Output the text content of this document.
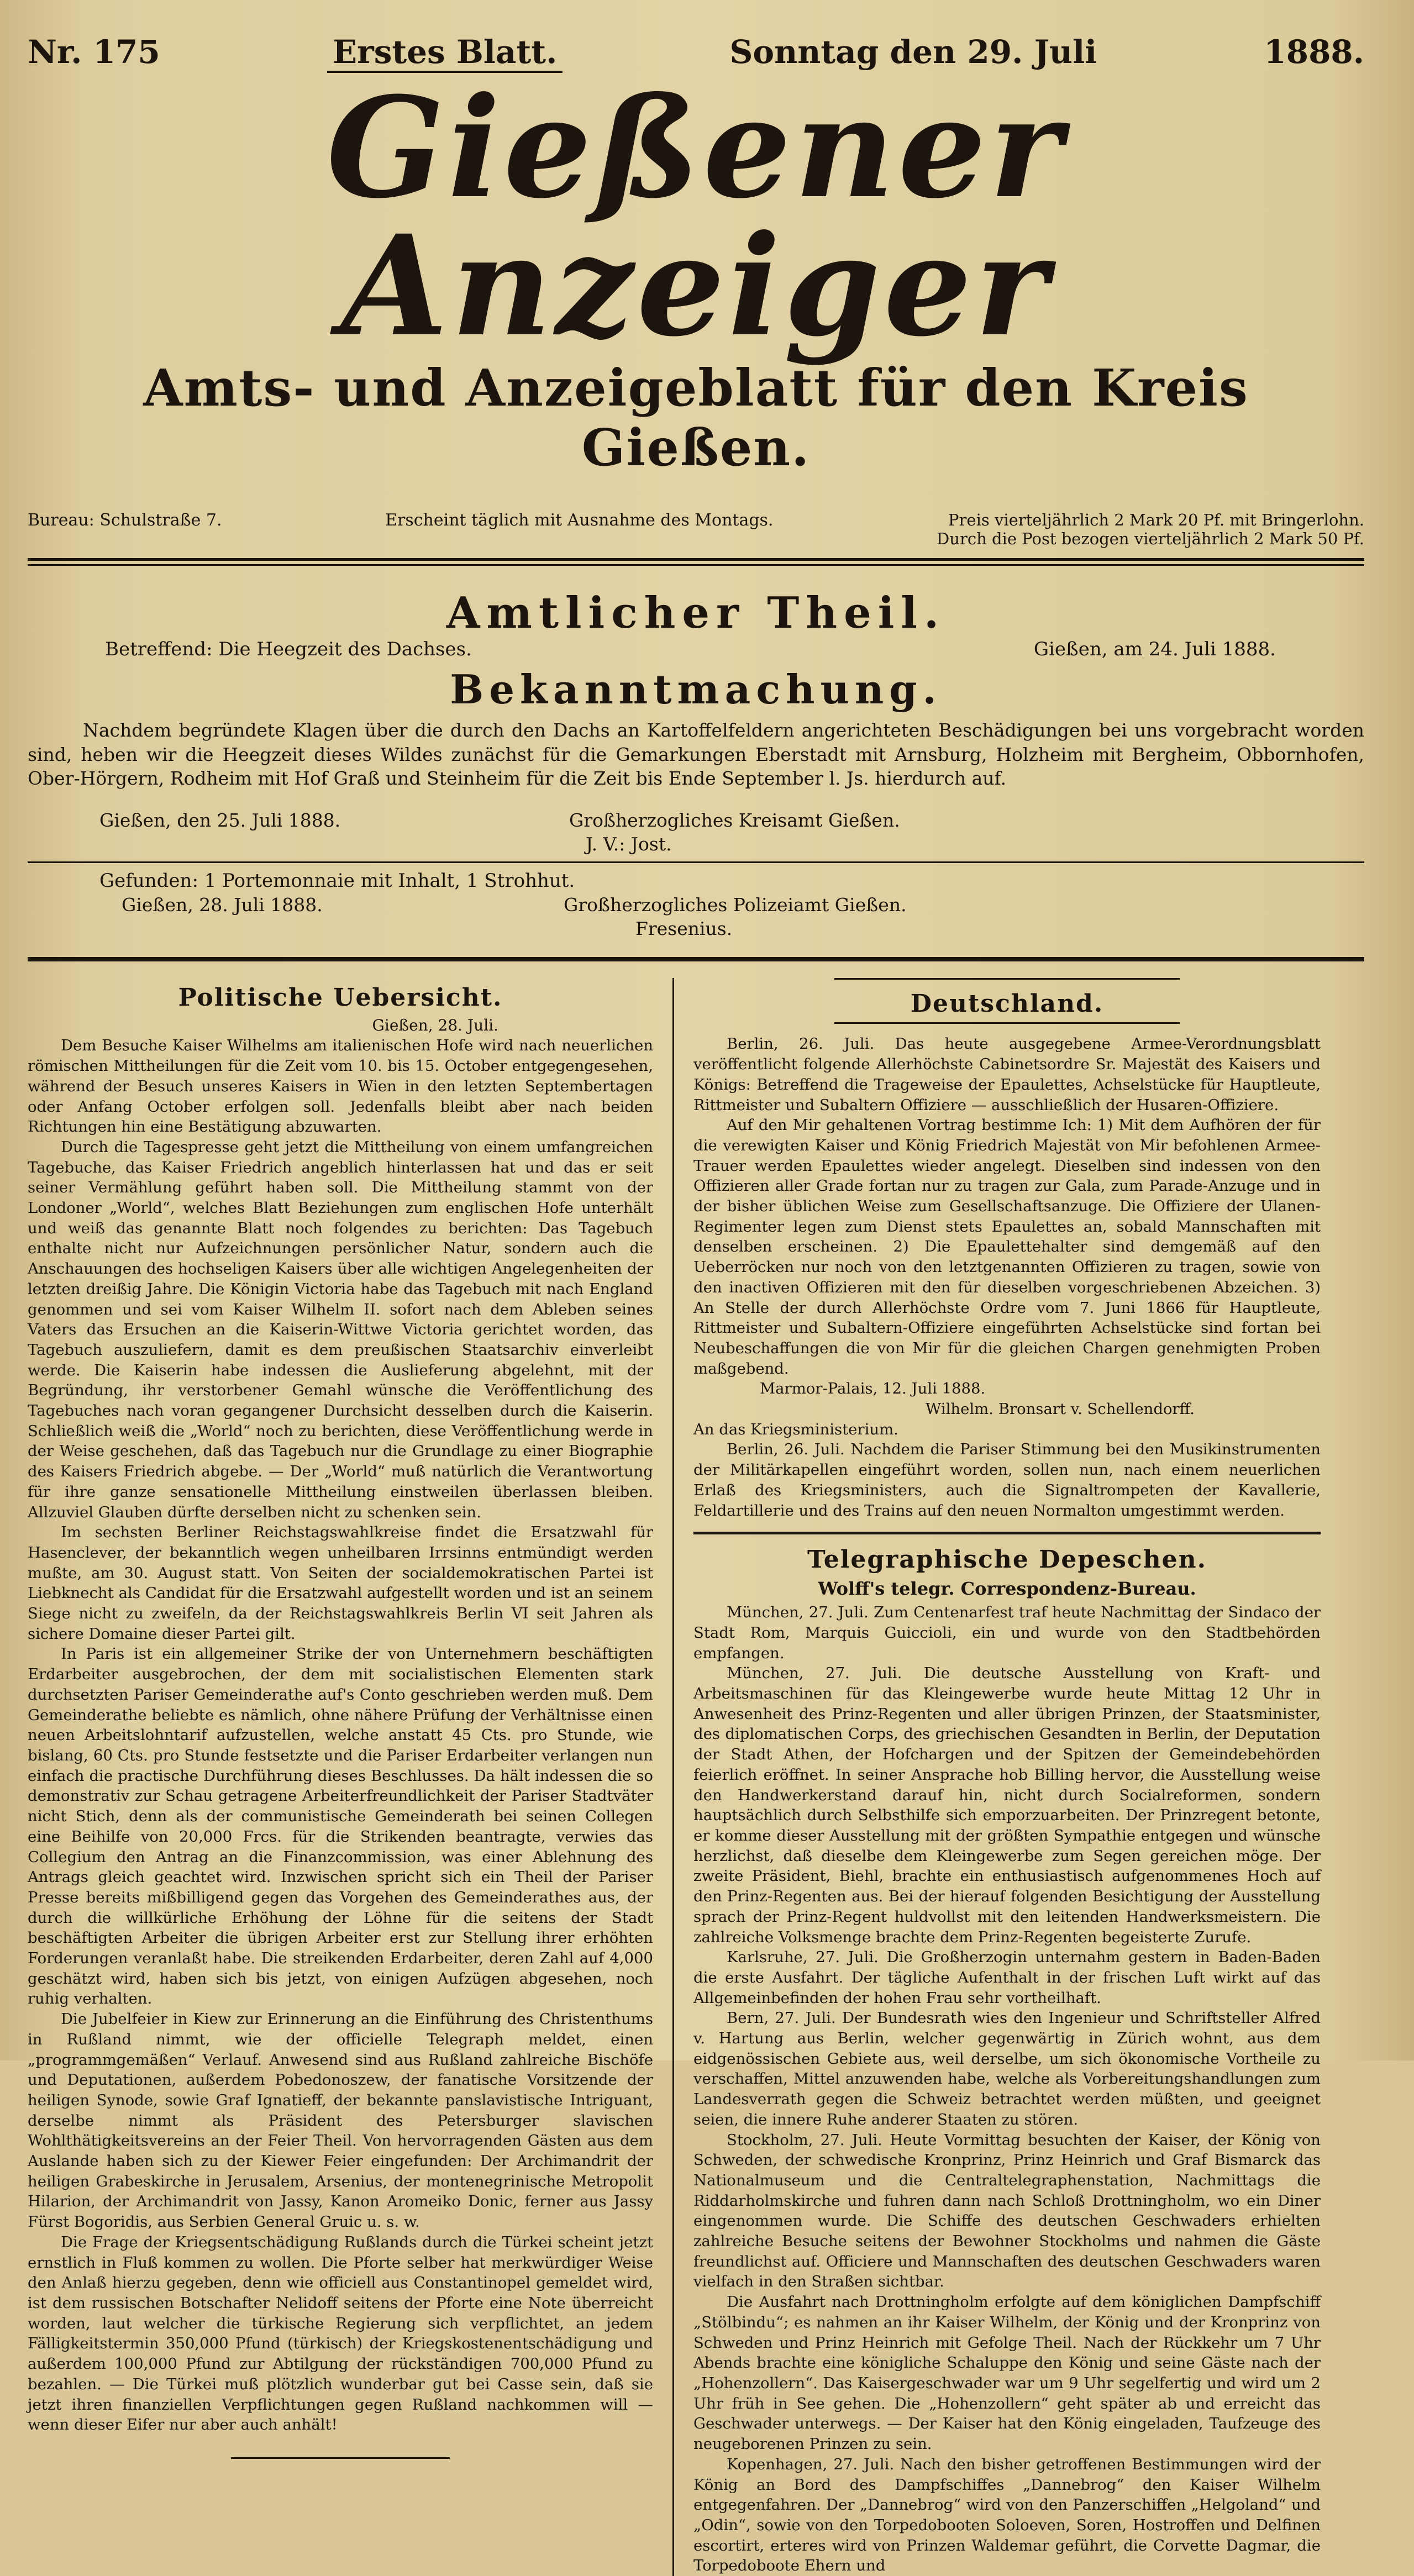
Nr. 175	Erstes Blatt.	Sonntag den 29. Juli	1888.
Gießener Anzeiger
Amts- und Anzeigeblatt für den Kreis Gießen.
Bureau: Schulstraße 7.	Erscheint täglich mit Ausnahme des Montags.	Preis vierteljährlich 2 Mark 20 Pf. mit Bringerlohn.
Durch die Post bezogen vierteljährlich 2 Mark 50 Pf.
Amtlicher Theil.
Betreffend: Die Heegzeit des Dachses.	Gießen, am 24. Juli 1888.
Bekanntmachung.

Nachdem begründete Klagen über die durch den Dachs an Kartoffelfeldern angerichteten Beschädigungen bei uns vorgebracht worden sind, heben wir die Heegzeit dieses Wildes zunächst für die Gemarkungen Eberstadt mit Arnsburg, Holzheim mit Bergheim, Obbornhofen, Ober-Hörgern, Rodheim mit Hof Graß und Steinheim für die Zeit bis Ende September l. Js. hierdurch auf.

Gießen, den 25. Juli 1888.	Großherzogliches Kreisamt Gießen.
J. V.: Jost.
Gefunden: 1 Portemonnaie mit Inhalt, 1 Strohhut.
Gießen, 28. Juli 1888.	Großherzogliches Polizeiamt Gießen.
Fresenius.
Politische Uebersicht.
Gießen, 28. Juli.

Dem Besuche Kaiser Wilhelms am italienischen Hofe wird nach neuerlichen römischen Mittheilungen für die Zeit vom 10. bis 15. October entgegengesehen, während der Besuch unseres Kaisers in Wien in den letzten Septembertagen oder Anfang October erfolgen soll. Jedenfalls bleibt aber nach beiden Richtungen hin eine Bestätigung abzuwarten.

Durch die Tagespresse geht jetzt die Mittheilung von einem umfangreichen Tagebuche, das Kaiser Friedrich angeblich hinterlassen hat und das er seit seiner Vermählung geführt haben soll. Die Mittheilung stammt von der Londoner „World“, welches Blatt Beziehungen zum englischen Hofe unterhält und weiß das genannte Blatt noch folgendes zu berichten: Das Tagebuch enthalte nicht nur Aufzeichnungen persönlicher Natur, sondern auch die Anschauungen des hochseligen Kaisers über alle wichtigen Angelegenheiten der letzten dreißig Jahre. Die Königin Victoria habe das Tagebuch mit nach England genommen und sei vom Kaiser Wilhelm II. sofort nach dem Ableben seines Vaters das Ersuchen an die Kaiserin-Wittwe Victoria gerichtet worden, das Tagebuch auszuliefern, damit es dem preußischen Staatsarchiv einverleibt werde. Die Kaiserin habe indessen die Auslieferung abgelehnt, mit der Begründung, ihr verstorbener Gemahl wünsche die Veröffentlichung des Tagebuches nach voran gegangener Durchsicht desselben durch die Kaiserin. Schließlich weiß die „World“ noch zu berichten, diese Veröffentlichung werde in der Weise geschehen, daß das Tagebuch nur die Grundlage zu einer Biographie des Kaisers Friedrich abgebe. — Der „World“ muß natürlich die Verantwortung für ihre ganze sensationelle Mittheilung einstweilen überlassen bleiben. Allzuviel Glauben dürfte derselben nicht zu schenken sein.

Im sechsten Berliner Reichstagswahlkreise findet die Ersatzwahl für Hasenclever, der bekanntlich wegen unheilbaren Irrsinns entmündigt werden mußte, am 30. August statt. Von Seiten der socialdemokratischen Partei ist Liebknecht als Candidat für die Ersatzwahl aufgestellt worden und ist an seinem Siege nicht zu zweifeln, da der Reichstagswahlkreis Berlin VI seit Jahren als sichere Domaine dieser Partei gilt.

In Paris ist ein allgemeiner Strike der von Unternehmern beschäftigten Erdarbeiter ausgebrochen, der dem mit socialistischen Elementen stark durchsetzten Pariser Gemeinderathe auf's Conto geschrieben werden muß. Dem Gemeinderathe beliebte es nämlich, ohne nähere Prüfung der Verhältnisse einen neuen Arbeitslohntarif aufzustellen, welche anstatt 45 Cts. pro Stunde, wie bislang, 60 Cts. pro Stunde festsetzte und die Pariser Erdarbeiter verlangen nun einfach die practische Durchführung dieses Beschlusses. Da hält indessen die so demonstrativ zur Schau getragene Arbeiterfreundlichkeit der Pariser Stadtväter nicht Stich, denn als der communistische Gemeinderath bei seinen Collegen eine Beihilfe von 20,000 Frcs. für die Strikenden beantragte, verwies das Collegium den Antrag an die Finanzcommission, was einer Ablehnung des Antrags gleich geachtet wird. Inzwischen spricht sich ein Theil der Pariser Presse bereits mißbilligend gegen das Vorgehen des Gemeinderathes aus, der durch die willkürliche Erhöhung der Löhne für die seitens der Stadt beschäftigten Arbeiter die übrigen Arbeiter erst zur Stellung ihrer erhöhten Forderungen veranlaßt habe. Die streikenden Erdarbeiter, deren Zahl auf 4,000 geschätzt wird, haben sich bis jetzt, von einigen Aufzügen abgesehen, noch ruhig verhalten.

Die Jubelfeier in Kiew zur Erinnerung an die Einführung des Christenthums in Rußland nimmt, wie der officielle Telegraph meldet, einen „programmgemäßen“ Verlauf. Anwesend sind aus Rußland zahlreiche Bischöfe und Deputationen, außerdem Pobedonoszew, der fanatische Vorsitzende der heiligen Synode, sowie Graf Ignatieff, der bekannte panslavistische Intriguant, derselbe nimmt als Präsident des Petersburger slavischen Wohlthätigkeitsvereins an der Feier Theil. Von hervorragenden Gästen aus dem Auslande haben sich zu der Kiewer Feier eingefunden: Der Archimandrit der heiligen Grabeskirche in Jerusalem, Arsenius, der montenegrinische Metropolit Hilarion, der Archimandrit von Jassy, Kanon Aromeiko Donic, ferner aus Jassy Fürst Bogoridis, aus Serbien General Gruic u. s. w.

Die Frage der Kriegsentschädigung Rußlands durch die Türkei scheint jetzt ernstlich in Fluß kommen zu wollen. Die Pforte selber hat merkwürdiger Weise den Anlaß hierzu gegeben, denn wie officiell aus Constantinopel gemeldet wird, ist dem russischen Botschafter Nelidoff seitens der Pforte eine Note überreicht worden, laut welcher die türkische Regierung sich verpflichtet, an jedem Fälligkeitstermin 350,000 Pfund (türkisch) der Kriegskostenentschädigung und außerdem 100,000 Pfund zur Abtilgung der rückständigen 700,000 Pfund zu bezahlen. — Die Türkei muß plötzlich wunderbar gut bei Casse sein, daß sie jetzt ihren finanziellen Verpflichtungen gegen Rußland nachkommen will — wenn dieser Eifer nur aber auch anhält!

Deutschland.

Berlin, 26. Juli. Das heute ausgegebene Armee-Verordnungsblatt veröffentlicht folgende Allerhöchste Cabinetsordre Sr. Majestät des Kaisers und Königs: Betreffend die Trageweise der Epaulettes, Achselstücke für Hauptleute, Rittmeister und Subaltern Offiziere — ausschließlich der Husaren-Offiziere.

Auf den Mir gehaltenen Vortrag bestimme Ich: 1) Mit dem Aufhören der für die verewigten Kaiser und König Friedrich Majestät von Mir befohlenen Armee-Trauer werden Epaulettes wieder angelegt. Dieselben sind indessen von den Offizieren aller Grade fortan nur zu tragen zur Gala, zum Parade-Anzuge und in der bisher üblichen Weise zum Gesellschaftsanzuge. Die Offiziere der Ulanen-Regimenter legen zum Dienst stets Epaulettes an, sobald Mannschaften mit denselben erscheinen. 2) Die Epaulettehalter sind demgemäß auf den Ueberröcken nur noch von den letztgenannten Offizieren zu tragen, sowie von den inactiven Offizieren mit den für dieselben vorgeschriebenen Abzeichen. 3) An Stelle der durch Allerhöchste Ordre vom 7. Juni 1866 für Hauptleute, Rittmeister und Subaltern-Offiziere eingeführten Achselstücke sind fortan bei Neubeschaffungen die von Mir für die gleichen Chargen genehmigten Proben maßgebend.

Marmor-Palais, 12. Juli 1888.

Wilhelm. Bronsart v. Schellendorff.

An das Kriegsministerium.

Berlin, 26. Juli. Nachdem die Pariser Stimmung bei den Musikinstrumenten der Militärkapellen eingeführt worden, sollen nun, nach einem neuerlichen Erlaß des Kriegsministers, auch die Signaltrompeten der Kavallerie, Feldartillerie und des Trains auf den neuen Normalton umgestimmt werden.

Telegraphische Depeschen.
Wolff's telegr. Correspondenz-Bureau.

München, 27. Juli. Zum Centenarfest traf heute Nachmittag der Sindaco der Stadt Rom, Marquis Guiccioli, ein und wurde von den Stadtbehörden empfangen.

München, 27. Juli. Die deutsche Ausstellung von Kraft- und Arbeitsmaschinen für das Kleingewerbe wurde heute Mittag 12 Uhr in Anwesenheit des Prinz-Regenten und aller übrigen Prinzen, der Staatsminister, des diplomatischen Corps, des griechischen Gesandten in Berlin, der Deputation der Stadt Athen, der Hofchargen und der Spitzen der Gemeindebehörden feierlich eröffnet. In seiner Ansprache hob Billing hervor, die Ausstellung weise den Handwerkerstand darauf hin, nicht durch Socialreformen, sondern hauptsächlich durch Selbsthilfe sich emporzuarbeiten. Der Prinzregent betonte, er komme dieser Ausstellung mit der größten Sympathie entgegen und wünsche herzlichst, daß dieselbe dem Kleingewerbe zum Segen gereichen möge. Der zweite Präsident, Biehl, brachte ein enthusiastisch aufgenommenes Hoch auf den Prinz-Regenten aus. Bei der hierauf folgenden Besichtigung der Ausstellung sprach der Prinz-Regent huldvollst mit den leitenden Handwerksmeistern. Die zahlreiche Volksmenge brachte dem Prinz-Regenten begeisterte Zurufe.

Karlsruhe, 27. Juli. Die Großherzogin unternahm gestern in Baden-Baden die erste Ausfahrt. Der tägliche Aufenthalt in der frischen Luft wirkt auf das Allgemeinbefinden der hohen Frau sehr vortheilhaft.

Bern, 27. Juli. Der Bundesrath wies den Ingenieur und Schriftsteller Alfred v. Hartung aus Berlin, welcher gegenwärtig in Zürich wohnt, aus dem eidgenössischen Gebiete aus, weil derselbe, um sich ökonomische Vortheile zu verschaffen, Mittel anzuwenden habe, welche als Vorbereitungshandlungen zum Landesverrath gegen die Schweiz betrachtet werden müßten, und geeignet seien, die innere Ruhe anderer Staaten zu stören.

Stockholm, 27. Juli. Heute Vormittag besuchten der Kaiser, der König von Schweden, der schwedische Kronprinz, Prinz Heinrich und Graf Bismarck das Nationalmuseum und die Centraltelegraphenstation, Nachmittags die Riddarholmskirche und fuhren dann nach Schloß Drottningholm, wo ein Diner eingenommen wurde. Die Schiffe des deutschen Geschwaders erhielten zahlreiche Besuche seitens der Bewohner Stockholms und nahmen die Gäste freundlichst auf. Officiere und Mannschaften des deutschen Geschwaders waren vielfach in den Straßen sichtbar.

Die Ausfahrt nach Drottningholm erfolgte auf dem königlichen Dampfschiff „Stölbindu“; es nahmen an ihr Kaiser Wilhelm, der König und der Kronprinz von Schweden und Prinz Heinrich mit Gefolge Theil. Nach der Rückkehr um 7 Uhr Abends brachte eine königliche Schaluppe den König und seine Gäste nach der „Hohenzollern“. Das Kaisergeschwader war um 9 Uhr segelfertig und wird um 2 Uhr früh in See gehen. Die „Hohenzollern“ geht später ab und erreicht das Geschwader unterwegs. — Der Kaiser hat den König eingeladen, Taufzeuge des neugeborenen Prinzen zu sein.

Kopenhagen, 27. Juli. Nach den bisher getroffenen Bestimmungen wird der König an Bord des Dampfschiffes „Dannebrog“ den Kaiser Wilhelm entgegenfahren. Der „Dannebrog“ wird von den Panzerschiffen „Helgoland“ und „Odin“, sowie von den Torpedobooten Soloeven, Soren, Hostroffen und Delfinen escortirt, erteres wird von Prinzen Waldemar geführt, die Corvette Dagmar, die Torpedoboote Ehern und
